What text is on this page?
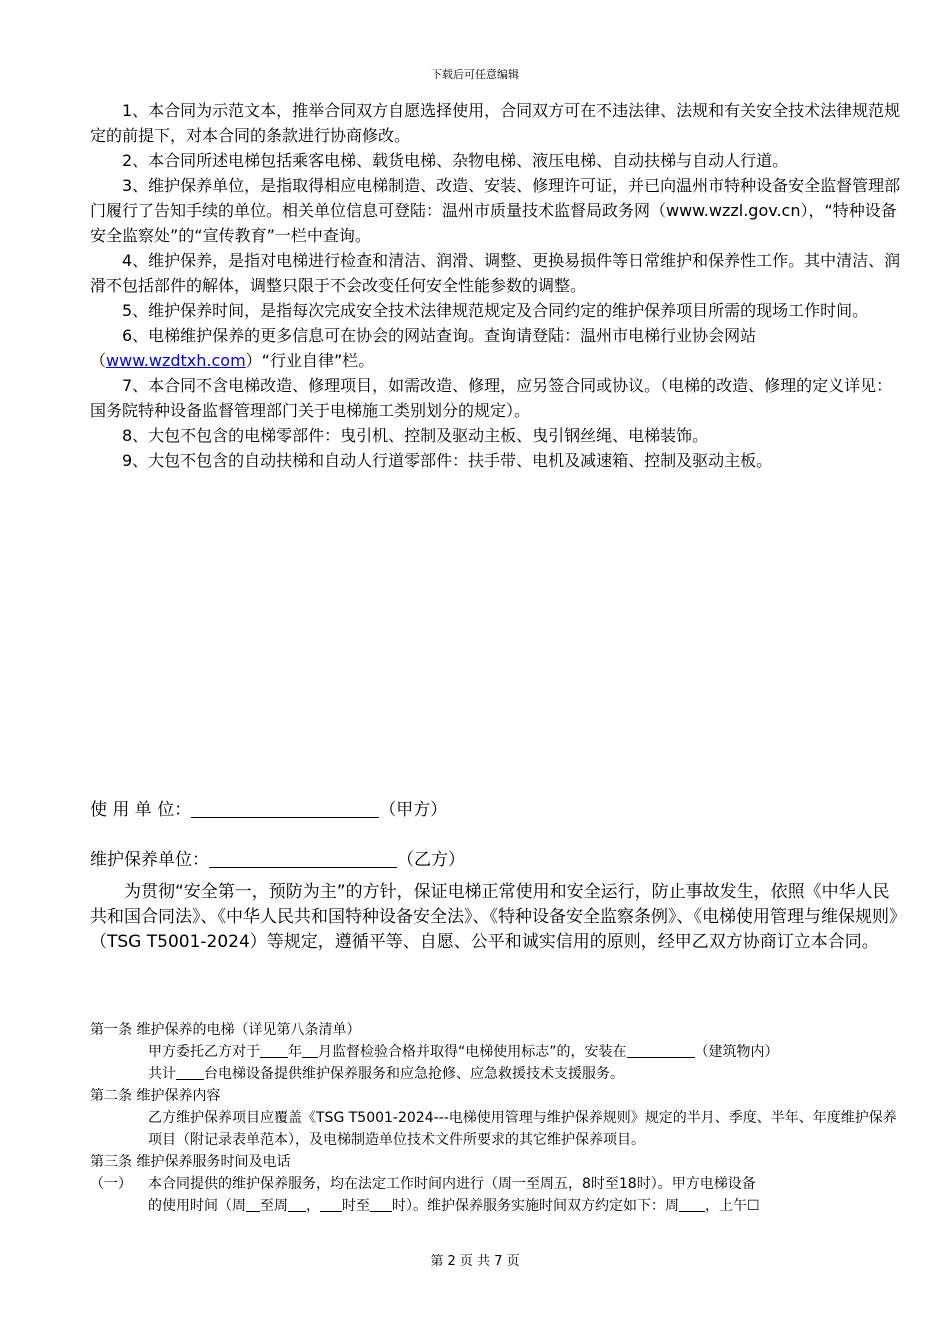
下载后可任意编辑

1、本合同为示范文本，推举合同双方自愿选择使用，合同双方可在不违法律、法规和有关安全技术法律规范规定的前提下，对本合同的条款进行协商修改。

2、本合同所述电梯包括乘客电梯、载货电梯、杂物电梯、液压电梯、自动扶梯与自动人行道。

3、维护保养单位，是指取得相应电梯制造、改造、安装、修理许可证，并已向温州市特种设备安全监督管理部门履行了告知手续的单位。相关单位信息可登陆：温州市质量技术监督局政务网（www.wzzl.gov.cn），“特种设备安全监察处”的“宣传教育”一栏中查询。

4、维护保养，是指对电梯进行检查和清洁、润滑、调整、更换易损件等日常维护和保养性工作。其中清洁、润滑不包括部件的解体，调整只限于不会改变任何安全性能参数的调整。

5、维护保养时间，是指每次完成安全技术法律规范规定及合同约定的维护保养项目所需的现场工作时间。

6、电梯维护保养的更多信息可在协会的网站查询。查询请登陆：温州市电梯行业协会网站（www.wzdtxh.com）“行业自律”栏。

7、本合同不含电梯改造、修理项目，如需改造、修理，应另签合同或协议。（电梯的改造、修理的定义详见：国务院特种设备监督管理部门关于电梯施工类别划分的规定）。

8、大包不包含的电梯零部件：曳引机、控制及驱动主板、曳引钢丝绳、电梯装饰。

9、大包不包含的自动扶梯和自动人行道零部件：扶手带、电机及减速箱、控制及驱动主板。

使 用 单 位：	（甲方）
维护保养单位：	（乙方）

为贯彻“安全第一，预防为主”的方针，保证电梯正常使用和安全运行，防止事故发生，依照《中华人民共和国合同法》、《中华人民共和国特种设备安全法》、《特种设备安全监察条例》、《电梯使用管理与维保规则》（TSG T5001-2024）等规定，遵循平等、自愿、公平和诚实信用的原则，经甲乙双方协商订立本合同。

第一条 维护保养的电梯（详见第八条清单）

甲方委托乙方对于 年 月监督检验合格并取得“电梯使用标志”的，安装在	（建筑物内）

共计 台电梯设备提供维护保养服务和应急抢修、应急救援技术支援服务。

第二条 维护保养内容

乙方维护保养项目应覆盖《TSG T5001-2024---电梯使用管理与维护保养规则》规定的半月、季度、半年、年度维护保养项目（附记录表单范本），及电梯制造单位技术文件所要求的其它维护保养项目。

第三条 维护保养服务时间及电话

（一）	本合同提供的维护保养服务，均在法定工作时间内进行（周一至周五，8时至18时）。甲方电梯设备
的使用时间（周 至周 ， 时至 时）。维护保养服务实施时间双方约定如下：周 ，上午☐
第 2 页 共 7 页
